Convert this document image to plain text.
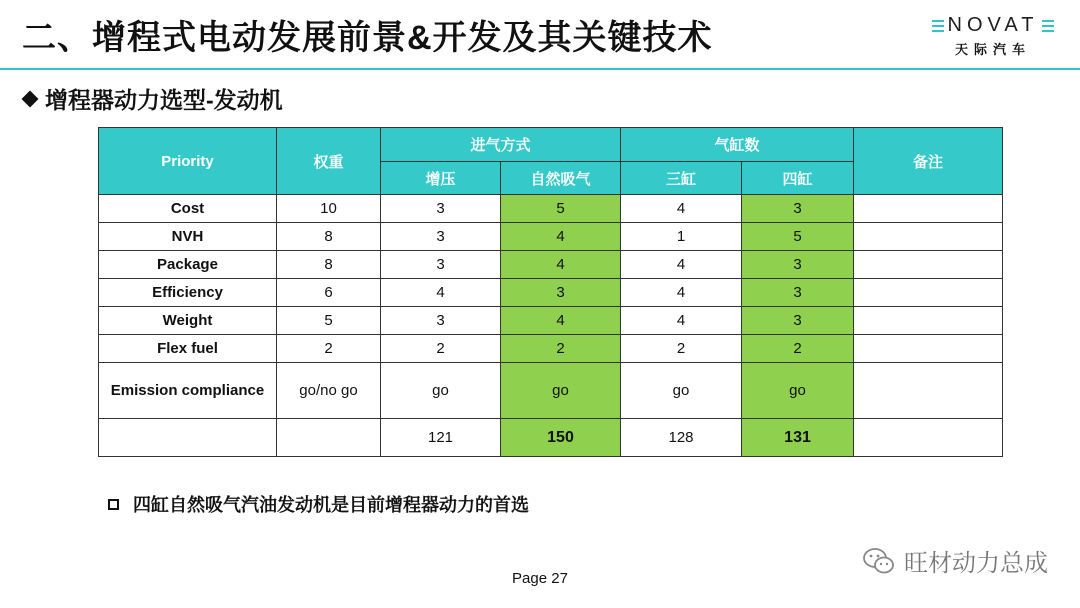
二、增程式电动发展前景&开发及其关键技术	NOVAT
天际汽车
增程器动力选型-发动机
Priority	权重	进气方式		气缸数		备注
		增压	自然吸气	三缸	四缸	
Cost	10	3	5	4	3	
NVH	8	3	4	1	5	
Package	8	3	4	4	3	
Efficiency	6	4	3	4	3	
Weight	5	3	4	4	3	
Flex fuel	2	2	2	2	2	
Emission compliance	go/no go	go	go	go	go	
		121	150	128	131	
四缸自然吸气汽油发动机是目前增程器动力的首选
Page 27
旺材动力总成
